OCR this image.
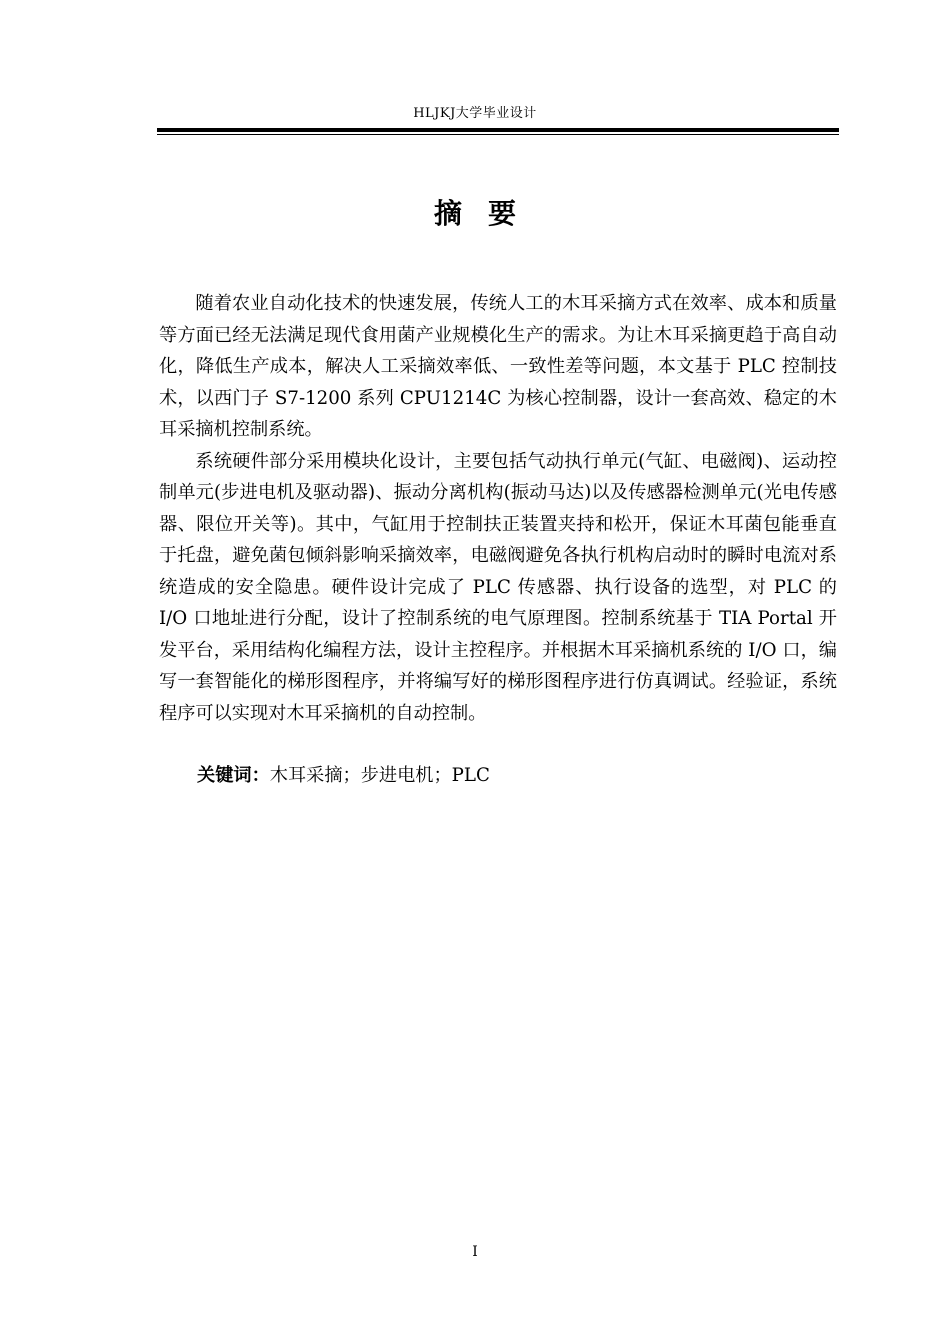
HLJKJ大学毕业设计
摘要

随着农业自动化技术的快速发展，传统人工的木耳采摘方式在效率、成本和质量等方面已经无法满足现代食用菌产业规模化生产的需求。为让木耳采摘更趋于高自动化，降低生产成本，解决人工采摘效率低、一致性差等问题，本文基于 PLC 控制技术，以西门子 S7-1200 系列 CPU1214C 为核心控制器，设计一套高效、稳定的木耳采摘机控制系统。

系统硬件部分采用模块化设计，主要包括气动执行单元(气缸、电磁阀)、运动控制单元(步进电机及驱动器)、振动分离机构(振动马达)以及传感器检测单元(光电传感器、限位开关等)。其中，气缸用于控制扶正装置夹持和松开，保证木耳菌包能垂直于托盘，避免菌包倾斜影响采摘效率，电磁阀避免各执行机构启动时的瞬时电流对系统造成的安全隐患。硬件设计完成了 PLC 传感器、执行设备的选型，对 PLC 的 I/O 口地址进行分配，设计了控制系统的电气原理图。控制系统基于 TIA Portal 开发平台，采用结构化编程方法，设计主控程序。并根据木耳采摘机系统的 I/O 口，编写一套智能化的梯形图程序，并将编写好的梯形图程序进行仿真调试。经验证，系统程序可以实现对木耳采摘机的自动控制。

关键词：木耳采摘；步进电机；PLC
I
